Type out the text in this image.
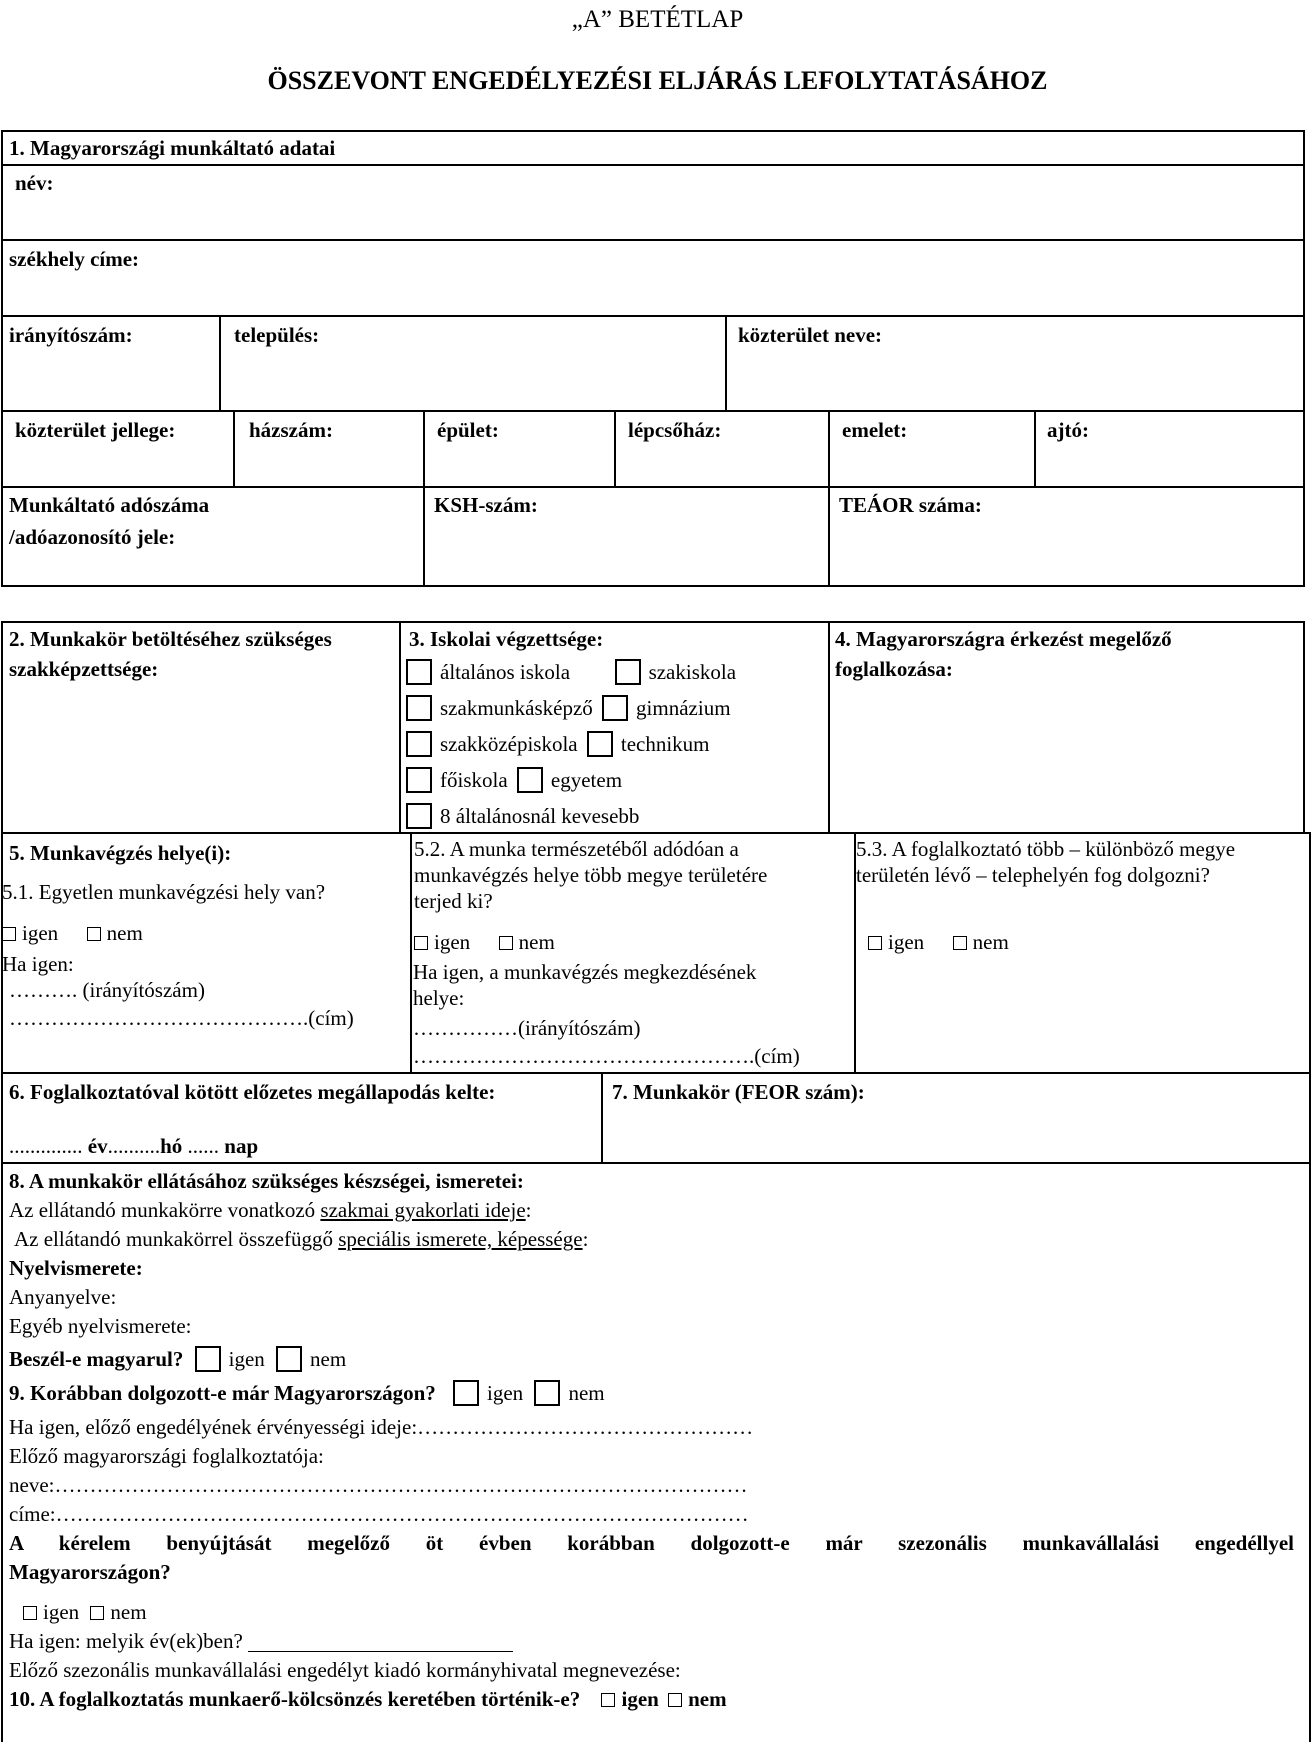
„A” BETÉTLAP
ÖSSZEVONT ENGEDÉLYEZÉSI ELJÁRÁS LEFOLYTATÁSÁHOZ
1. Magyarországi munkáltató adatai
név:
székhely címe:
irányítószám:	település:	közterület neve:
közterület jellege:	házszám:	épület:	lépcsőház:	emelet:	ajtó:
Munkáltató adószáma
/adóazonosító jele:
KSH-szám:	TEÁOR száma:
2. Munkakör betöltéséhez szükséges
szakképzettsége:
3. Iskolai végzettsége:
általános iskola	szakiskola
szakmunkásképző gimnázium
szakközépiskola technikum
főiskola egyetem
8 általánosnál kevesebb
4. Magyarországra érkezést megelőző
foglalkozása:
5. Munkavégzés helye(i):
5.1. Egyetlen munkavégzési hely van?
igen nem
Ha igen:
………. (irányítószám)
…………………………………….(cím)
5.2. A munka természetéből adódóan a
munkavégzés helye több megye területére
terjed ki?
igen nem
Ha igen, a munkavégzés megkezdésének
helye:
……………(irányítószám)
………………………………………….(cím)
5.3. A foglalkoztató több – különböző megye
területén lévő – telephelyén fog dolgozni?
igen nem
6. Foglalkoztatóval kötött előzetes megállapodás kelte:
.............. év..........hó ...... nap
7. Munkakör (FEOR szám):
8. A munkakör ellátásához szükséges készségei, ismeretei:
Az ellátandó munkakörre vonatkozó szakmai gyakorlati ideje:
Az ellátandó munkakörrel összefüggő speciális ismerete, képessége:
Nyelvismerete:
Anyanyelve:
Egyéb nyelvismerete:
Beszél-e magyarul? igen nem
9. Korábban dolgozott-e már Magyarországon? igen nem
Ha igen, előző engedélyének érvényességi ideje:…………………………………………
Előző magyarországi foglalkoztatója:
neve:………………………………………………………………………………………
címe:………………………………………………………………………………………
A kérelem benyújtását megelőző öt évben korábban dolgozott-e már szezonális munkavállalási engedéllyel
Magyarországon?
igen nem
Ha igen: melyik év(ek)ben?
Előző szezonális munkavállalási engedélyt kiadó kormányhivatal megnevezése:
10. A foglalkoztatás munkaerő-kölcsönzés keretében történik-e? igen nem
